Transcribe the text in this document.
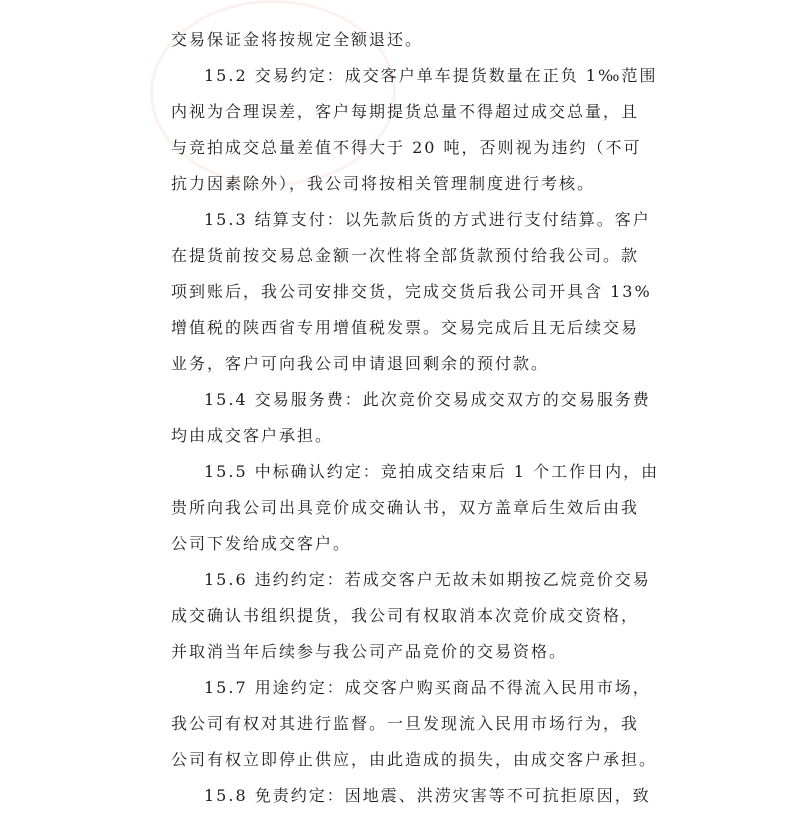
交易保证金将按规定全额退还。
15.2 交易约定：成交客户单车提货数量在正负 1‰范围
内视为合理误差，客户每期提货总量不得超过成交总量，且
与竞拍成交总量差值不得大于 20 吨，否则视为违约（不可
抗力因素除外），我公司将按相关管理制度进行考核。
15.3 结算支付：以先款后货的方式进行支付结算。客户
在提货前按交易总金额一次性将全部货款预付给我公司。款
项到账后，我公司安排交货，完成交货后我公司开具含 13%
增值税的陕西省专用增值税发票。交易完成后且无后续交易
业务，客户可向我公司申请退回剩余的预付款。
15.4 交易服务费：此次竞价交易成交双方的交易服务费
均由成交客户承担。
15.5 中标确认约定：竞拍成交结束后 1 个工作日内，由
贵所向我公司出具竞价成交确认书，双方盖章后生效后由我
公司下发给成交客户。
15.6 违约约定：若成交客户无故未如期按乙烷竞价交易
成交确认书组织提货，我公司有权取消本次竞价成交资格，
并取消当年后续参与我公司产品竞价的交易资格。
15.7 用途约定：成交客户购买商品不得流入民用市场，
我公司有权对其进行监督。一旦发现流入民用市场行为，我
公司有权立即停止供应，由此造成的损失，由成交客户承担。
15.8 免责约定：因地震、洪涝灾害等不可抗拒原因，致
